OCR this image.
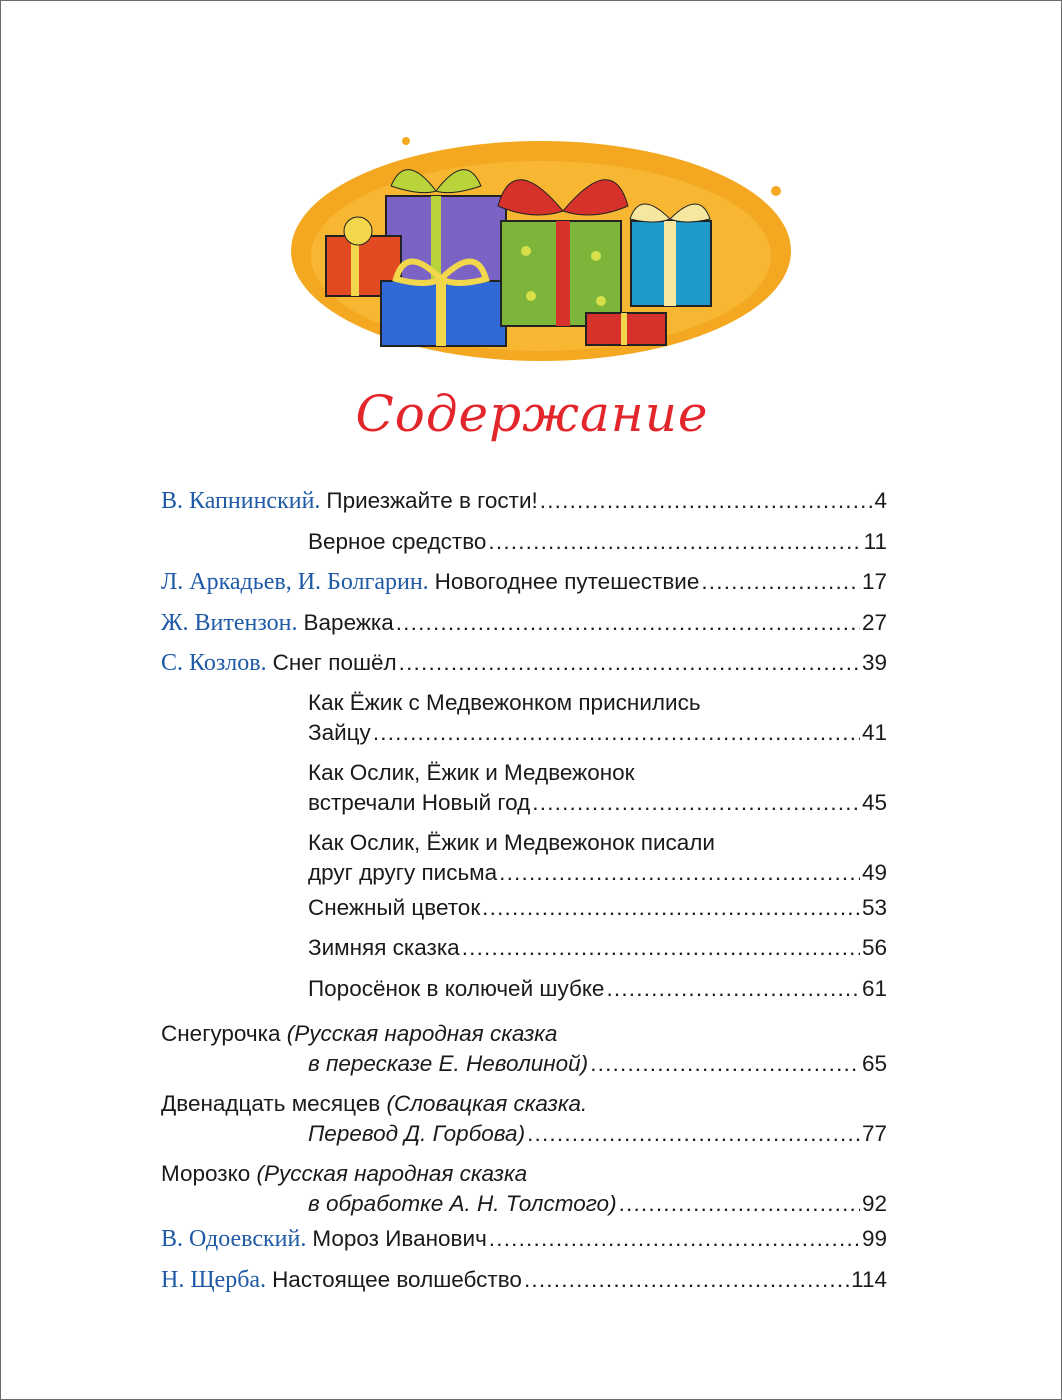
Содержание
В. Капнинский. Приезжайте в гости! .....	4
Верное средство .....	11
Л. Аркадьев, И. Болгарин. Новогоднее путешествие .....	17
Ж. Витензон. Варежка .....	27
С. Козлов. Снег пошёл .....	39
Как Ёжик с Медвежонком приснились
Зайцу .....	41
Как Ослик, Ёжик и Медвежонок
встречали Новый год .....	45
Как Ослик, Ёжик и Медвежонок писали
друг другу письма .....	49
Снежный цветок .....	53
Зимняя сказка .....	56
Поросёнок в колючей шубке .....	61
Снегурочка
(Русская народная сказка
в пересказе Е. Неволиной) .....	65
Двенадцать месяцев
(Словацкая сказка.
Перевод Д. Горбова) .....	77
Морозко
(Русская народная сказка
в обработке А. Н. Толстого) .....	92
В. Одоевский. Мороз Иванович .....	99
Н. Щерба. Настоящее волшебство .....	114
